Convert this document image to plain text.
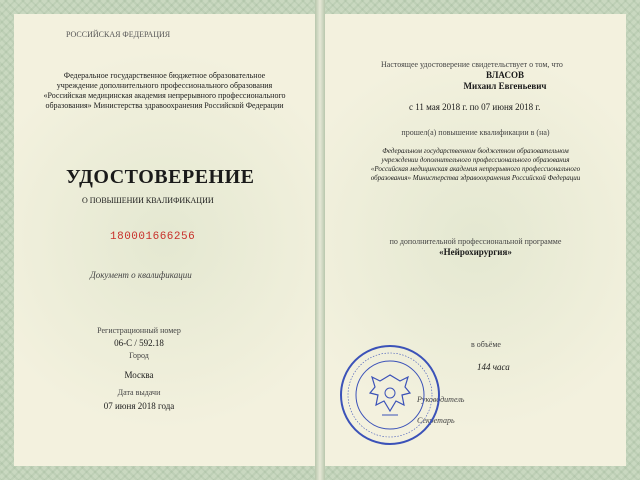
РОССИЙСКАЯ ФЕДЕРАЦИЯ
Федеральное государственное бюджетное образовательное
учреждение дополнительного профессионального образования
«Российская медицинская академия непрерывного профессионального
образования» Министерства здравоохранения Российской Федерации
УДОСТОВЕРЕНИЕ
О ПОВЫШЕНИИ КВАЛИФИКАЦИИ
180001666256
Документ о квалификации
Регистрационный номер
06-С / 592.18
Город
Москва
Дата выдачи
07 июня 2018 года
Настоящее удостоверение свидетельствует о том, что
ВЛАСОВ
Михаил Евгеньевич
с 11 мая 2018 г. по 07 июня 2018 г.
прошел(а) повышение квалификации в (на)
Федеральном государственном бюджетном образовательном
учреждении дополнительного профессионального образования
«Российская медицинская академия непрерывного профессионального
образования» Министерства здравоохранения Российской Федерации
по дополнительной профессиональной программе
«Нейрохирургия»
в объёме
144 часа
Руководитель
Секретарь
